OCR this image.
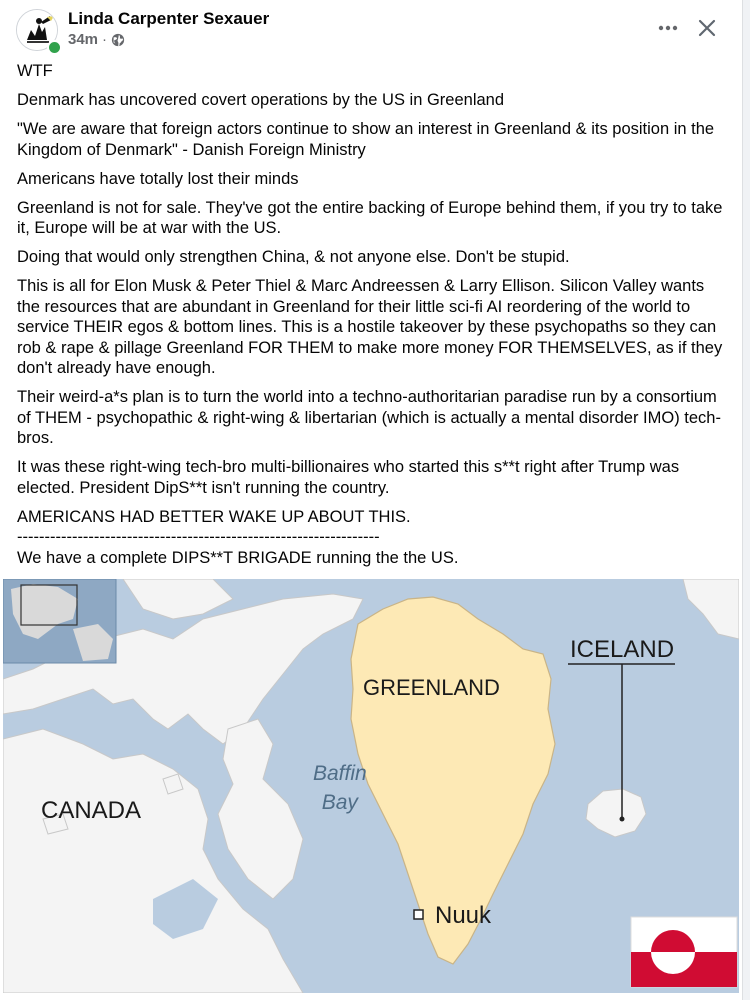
Linda Carpenter Sexauer
34m ·

WTF

Denmark has uncovered covert operations by the US in Greenland

"We are aware that foreign actors continue to show an interest in Greenland & its position in the Kingdom of Denmark" - Danish Foreign Ministry

Americans have totally lost their minds

Greenland is not for sale. They've got the entire backing of Europe behind them, if you try to take it, Europe will be at war with the US.

Doing that would only strengthen China, & not anyone else. Don't be stupid.

This is all for Elon Musk & Peter Thiel & Marc Andreessen & Larry Ellison. Silicon Valley wants the resources that are abundant in Greenland for their little sci-fi AI reordering of the world to service THEIR egos & bottom lines. This is a hostile takeover by these psychopaths so they can rob & rape & pillage Greenland FOR THEM to make more money FOR THEMSELVES, as if they don't already have enough.

Their weird-a*s plan is to turn the world into a techno-authoritarian paradise run by a consortium of THEM - psychopathic & right-wing & libertarian (which is actually a mental disorder IMO) tech-bros.

It was these right-wing tech-bro multi-billionaires who started this s**t right after Trump was elected. President DipS**t isn't running the country.

AMERICANS HAD BETTER WAKE UP ABOUT THIS.

------------------------------------------------------------------

We have a complete DIPS**T BRIGADE running the the US.

GREENLAND
ICELAND
CANADA
Baffin
Bay
Nuuk
